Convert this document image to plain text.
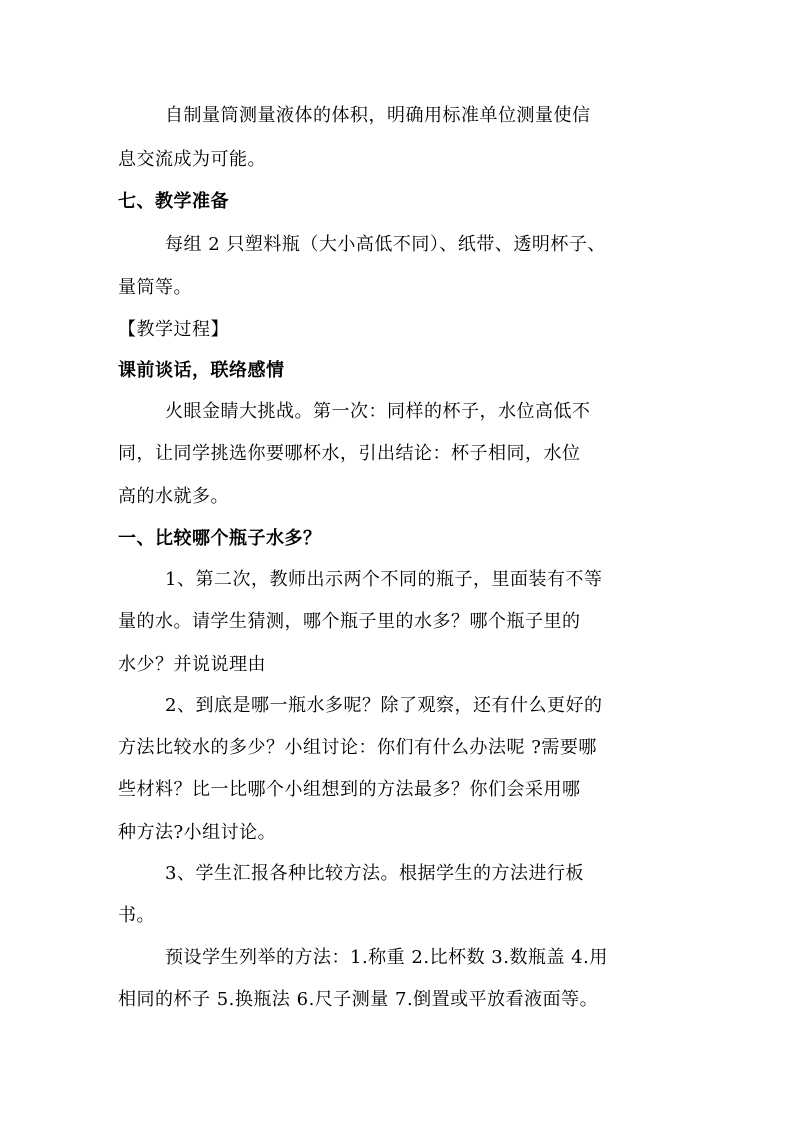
自制量筒测量液体的体积，明确用标准单位测量使信
息交流成为可能。
七、教学准备
每组 2 只塑料瓶（大小高低不同）、纸带、透明杯子、
量筒等。
【教学过程】
课前谈话，联络感情
火眼金睛大挑战。第一次：同样的杯子，水位高低不
同，让同学挑选你要哪杯水，引出结论：杯子相同，水位
高的水就多。
一、比较哪个瓶子水多？
1、第二次，教师出示两个不同的瓶子，里面装有不等
量的水。请学生猜测，哪个瓶子里的水多？哪个瓶子里的
水少？并说说理由
2、到底是哪一瓶水多呢？除了观察，还有什么更好的
方法比较水的多少？小组讨论：你们有什么办法呢 ?需要哪
些材料？比一比哪个小组想到的方法最多？你们会采用哪
种方法?小组讨论。
3、学生汇报各种比较方法。根据学生的方法进行板
书。
预设学生列举的方法：1.称重 2.比杯数 3.数瓶盖 4.用
相同的杯子 5.换瓶法 6.尺子测量 7.倒置或平放看液面等。
